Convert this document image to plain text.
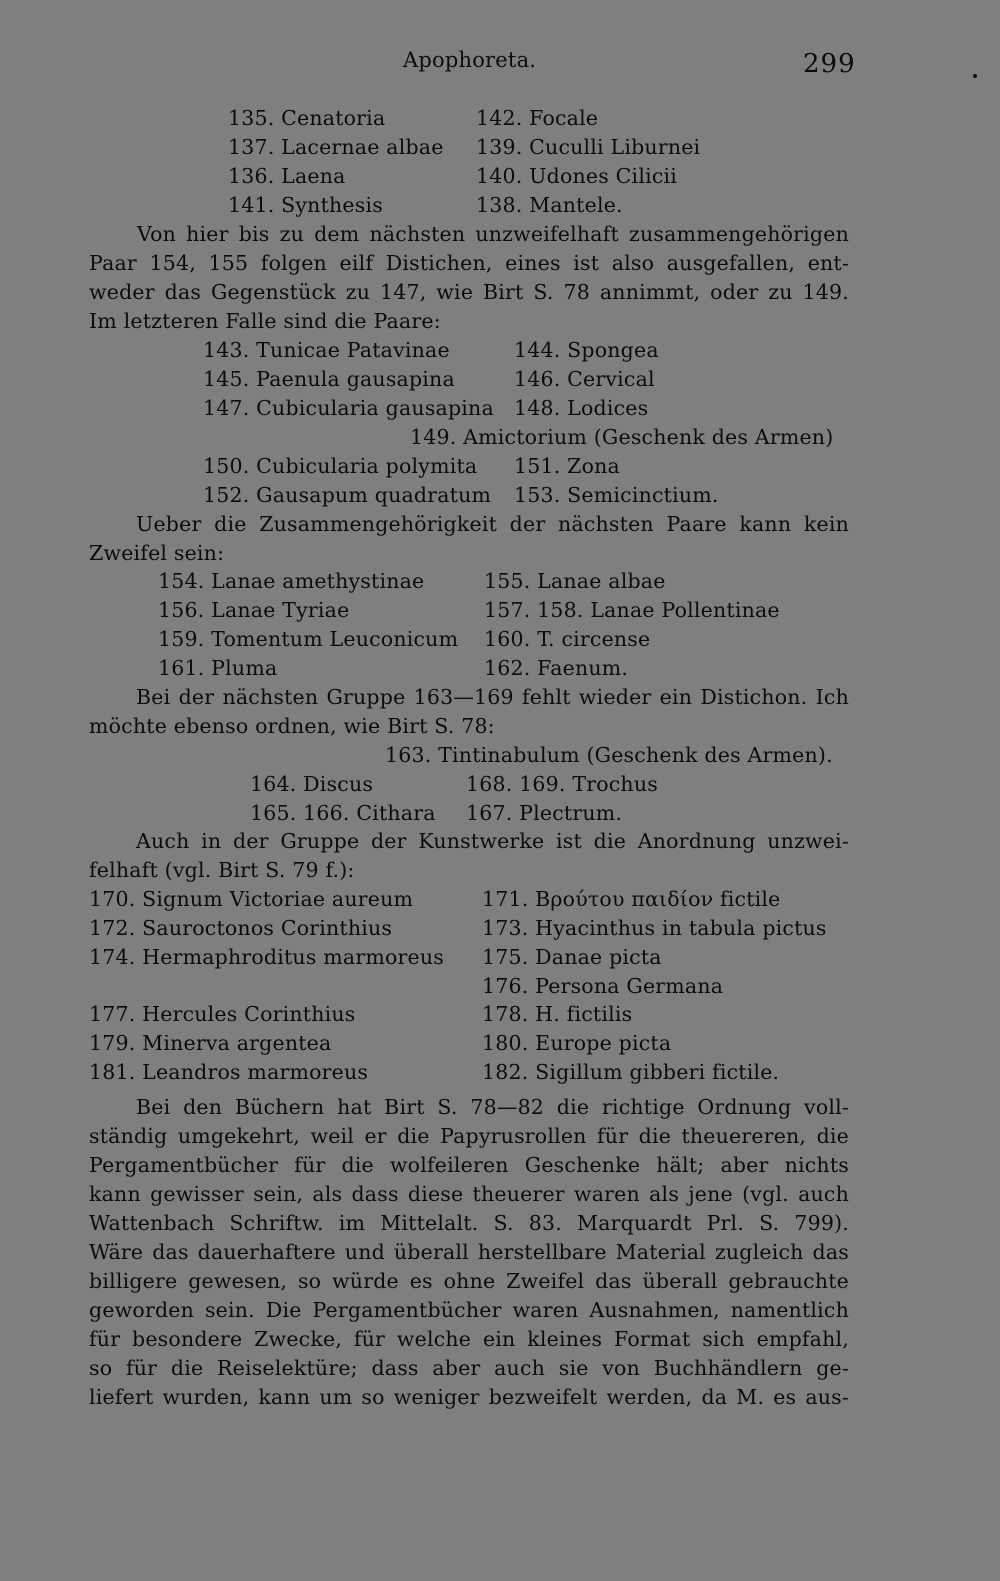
Apophoreta.	299
135. Cenatoria	142. Focale
137. Lacernae albae 139. Cuculli Liburnei
136. Laena	140. Udones Cilicii
141. Synthesis	138. Mantele.
Von hier bis zu dem nächsten unzweifelhaft zusammengehörigen
Paar 154, 155 folgen eilf Distichen, eines ist also ausgefallen, ent-
weder das Gegenstück zu 147, wie Birt S. 78 annimmt, oder zu 149.
Im letzteren Falle sind die Paare:
143. Tunicae Patavinae	144. Spongea
145. Paenula gausapina	146. Cervical
147. Cubicularia gausapina 148. Lodices
149. Amictorium (Geschenk des Armen)
150. Cubicularia polymita 151. Zona
152. Gausapum quadratum 153. Semicinctium.
Ueber die Zusammengehörigkeit der nächsten Paare kann kein
Zweifel sein:
154. Lanae amethystinae	155. Lanae albae
156. Lanae Tyriae	157. 158. Lanae Pollentinae
159. Tomentum Leuconicum 160. T. circense
161. Pluma	162. Faenum.
Bei der nächsten Gruppe 163—169 fehlt wieder ein Distichon. Ich
möchte ebenso ordnen, wie Birt S. 78:
163. Tintinabulum (Geschenk des Armen).
164. Discus	168. 169. Trochus
165. 166. Cithara 167. Plectrum.
Auch in der Gruppe der Kunstwerke ist die Anordnung unzwei-
felhaft (vgl. Birt S. 79 f.):
170. Signum Victoriae aureum	171. Βρούτου παιδίον fictile
172. Sauroctonos Corinthius	173. Hyacinthus in tabula pictus
174. Hermaphroditus marmoreus 175. Danae picta
176. Persona Germana
177. Hercules Corinthius	178. H. fictilis
179. Minerva argentea	180. Europe picta
181. Leandros marmoreus	182. Sigillum gibberi fictile.
Bei den Büchern hat Birt S. 78—82 die richtige Ordnung voll-
ständig umgekehrt, weil er die Papyrusrollen für die theuereren, die
Pergamentbücher für die wolfeileren Geschenke hält; aber nichts
kann gewisser sein, als dass diese theuerer waren als jene (vgl. auch
Wattenbach Schriftw. im Mittelalt. S. 83. Marquardt Prl. S. 799).
Wäre das dauerhaftere und überall herstellbare Material zugleich das
billigere gewesen, so würde es ohne Zweifel das überall gebrauchte
geworden sein. Die Pergamentbücher waren Ausnahmen, namentlich
für besondere Zwecke, für welche ein kleines Format sich empfahl,
so für die Reiselektüre; dass aber auch sie von Buchhändlern ge-
liefert wurden, kann um so weniger bezweifelt werden, da M. es aus-
